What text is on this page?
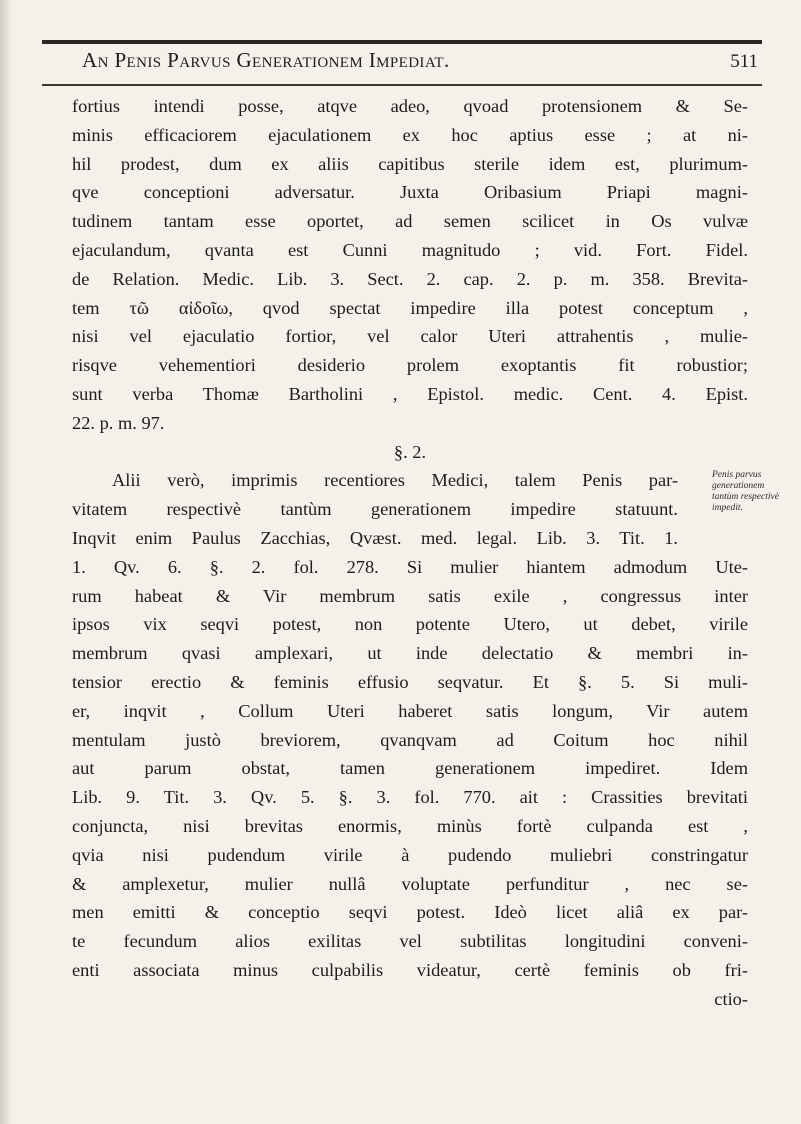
An Penis Parvus Generationem Impediat.	511
fortius intendi posse, atqve adeo, qvoad protensionem & Se-
minis efficaciorem ejaculationem ex hoc aptius esse ; at ni-
hil prodest, dum ex aliis capitibus sterile idem est, plurimum-
qve conceptioni adversatur. Juxta Oribasium Priapi magni-
tudinem tantam esse oportet, ad semen scilicet in Os vulvæ
ejaculandum, qvanta est Cunni magnitudo ; vid. Fort. Fidel.
de Relation. Medic. Lib. 3. Sect. 2. cap. 2. p. m. 358. Brevita-
tem τῶ αἰδοῖω, qvod spectat impedire illa potest conceptum ,
nisi vel ejaculatio fortior, vel calor Uteri attrahentis , mulie-
risqve vehementiori desiderio prolem exoptantis fit robustior;
sunt verba Thomæ Bartholini , Epistol. medic. Cent. 4. Epist.
22. p. m. 97.
§. 2.
Alii verò, imprimis recentiores Medici, talem Penis par-
vitatem respectivè tantùm generationem impedire statuunt.
Inqvit enim Paulus Zacchias, Qvæst. med. legal. Lib. 3. Tit. 1.
1. Qv. 6. §. 2. fol. 278. Si mulier hiantem admodum Ute-
rum habeat & Vir membrum satis exile , congressus inter
ipsos vix seqvi potest, non potente Utero, ut debet, virile
membrum qvasi amplexari, ut inde delectatio & membri in-
tensior erectio & feminis effusio seqvatur. Et §. 5. Si muli-
er, inqvit , Collum Uteri haberet satis longum, Vir autem
mentulam justò breviorem, qvanqvam ad Coitum hoc nihil
aut parum obstat, tamen generationem impediret. Idem
Lib. 9. Tit. 3. Qv. 5. §. 3. fol. 770. ait : Crassities brevitati
conjuncta, nisi brevitas enormis, minùs fortè culpanda est ,
qvia nisi pudendum virile à pudendo muliebri constringatur
& amplexetur, mulier nullâ voluptate perfunditur , nec se-
men emitti & conceptio seqvi potest. Ideò licet aliâ ex par-
te fecundum alios exilitas vel subtilitas longitudini conveni-
enti associata minus culpabilis videatur, certè feminis ob fri-
ctio-
Penis parvus generationem tantùm respectivè impedit.
